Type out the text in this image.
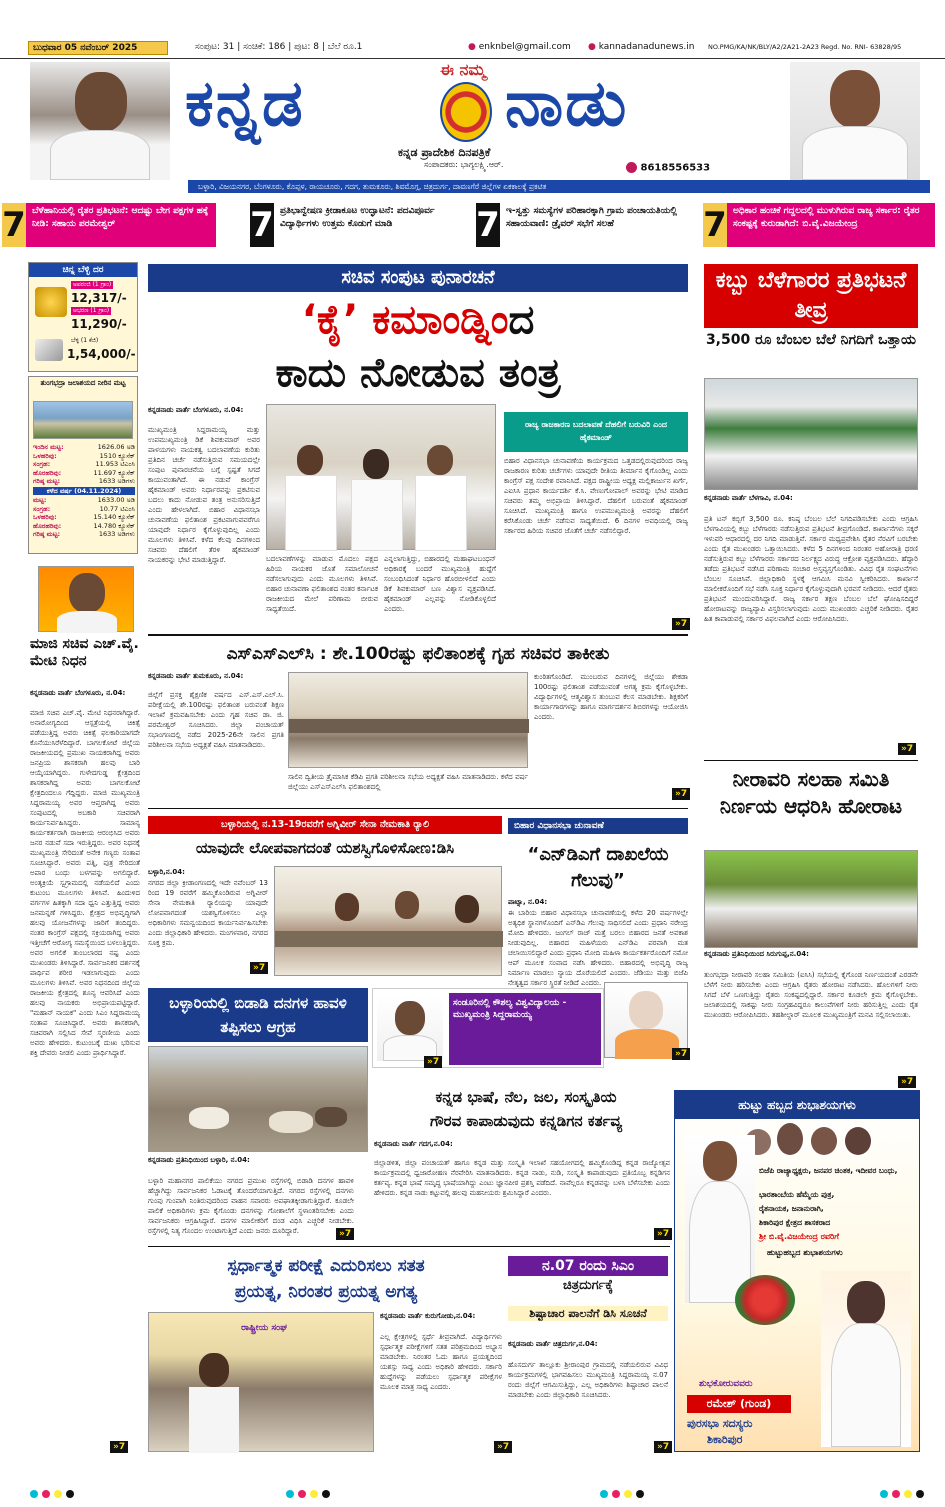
ಬುಧವಾರ 05 ನವೆಂಬರ್ 2025	ಸಂಪುಟ: 31 | ಸಂಚಿಕೆ: 186 | ಪುಟ: 8 | ಬೆಲೆ ರೂ.1	● enknbel@gmail.com ● kannadanadunews.in NO.PMG/KA/NK/BLY/A2/2A21-2A23 Regd. No. RNI- 63828/95
ಈ ನಮ್ಮ
ಕನ್ನಡ	ನಾಡು
ಕನ್ನಡ ಪ್ರಾದೇಶಿಕ ದಿನಪತ್ರಿಕೆ
ಸಂಪಾದಕರು: ಭಾಗ್ಯಲಕ್ಷ್ಮಿ.ಆರ್.	8618556533
ಬಳ್ಳಾರಿ, ವಿಜಯನಗರ, ಬೆಂಗಳೂರು, ಕೊಪ್ಪಳ, ರಾಯಚೂರು, ಗದಗ, ತುಮಕೂರು, ಶಿವಮೊಗ್ಗ, ಚಿತ್ರದುರ್ಗ, ದಾವಣಗೆರೆ ಜಿಲ್ಲೆಗಳ ಏಕಕಾಲಕ್ಕೆ ಪ್ರಕಟಿತ
7 ಬೆಳೆಹಾನಿಯಲ್ಲಿ ರೈತರ ಪ್ರತಿಭಟನೆ: ಆದಷ್ಟು ಬೇಗ ಪಕ್ಷಗಳ ಹಕ್ಕೆ ನೀಡಿ: ಸಹಾಯ ಪರಮೇಶ್ವರ್	7 ಪ್ರತಿಭಾನ್ವೇಷಣ ಕ್ರೀಡಾಕೂಟ ಉದ್ಘಾಟನೆ: ಪದವಿಪೂರ್ವ ವಿದ್ಯಾರ್ಥಿಗಳು ಉತ್ತಮ ಕೊಡುಗೆ ಮಾಡಿ	7 ಇ-ಸ್ವತ್ತು ಸಮಸ್ಯೆಗಳ ಪರಿಹಾರಕ್ಕಾಗಿ ಗ್ರಾಮ ಪಂಚಾಯತಿಯಲ್ಲಿ ಸಹಾಯವಾಣಿ: ಡ್ರೈವರ್ ಸಭೆಗೆ ಸಲಹೆ	7 ಅಧಿಕಾರ ಹಂಚಿಕೆ ಗದ್ದಲದಲ್ಲಿ ಮುಳುಗಿರುವ ರಾಜ್ಯ ಸರ್ಕಾರ: ರೈತರ ಸಂಕಷ್ಟಕ್ಕೆ ಕುರುಡಾಗಿದೆ: ಬಿ.ವೈ.ವಿಜಯೇಂದ್ರ
ಚಿನ್ನ ಬೆಳ್ಳಿ ದರ
ಅಪರಂಜಿ (1 ಗ್ರಾಂ)
12,317/-
ಆಭರಣ (1 ಗ್ರಾಂ)
11,290/-
ಬೆಳ್ಳಿ (1 ಕೆಜಿ)
1,54,000/-
ತುಂಗಭದ್ರಾ ಜಲಾಶಯದ ನೀರಿನ ಮಟ್ಟ
ಇಂದಿನ ಮಟ್ಟ:	1626.06 ಅಡಿ
ಒಳಹರಿವು:	1510 ಕ್ಯೂಸೆಕ್
ಸಂಗ್ರಹ:	11.953 ಟಿಎಂಸಿ
ಹೊರಹರಿವು:	11.697 ಕ್ಯೂಸೆಕ್
ಗರಿಷ್ಠ ಮಟ್ಟ:	1633 ಅಡಿಗಳು
ಕಳೆದ ವರ್ಷ (04.11.2024)
ಮಟ್ಟ:	1633.00 ಅಡಿ
ಸಂಗ್ರಹ:	10.77 ಟಿಎಂಸಿ
ಒಳಹರಿವು:	15.140 ಕ್ಯೂಸೆಕ್
ಹೊರಹರಿವು:	14.780 ಕ್ಯೂಸೆಕ್
ಗರಿಷ್ಠ ಮಟ್ಟ:	1633 ಅಡಿಗಳು
ಮಾಜಿ ಸಚಿವ ಎಚ್.ವೈ. ಮೇಟಿ ನಿಧನ
ಕನ್ನಡನಾಡು ವಾರ್ತೆ ಬೆಂಗಳೂರು, ನ.04:
ಮಾಜಿ ಸಚಿವ ಎಚ್.ವೈ. ಮೇಟಿ ನಿಧನರಾಗಿದ್ದಾರೆ. ಅನಾರೋಗ್ಯದಿಂದ ಆಸ್ಪತ್ರೆಯಲ್ಲಿ ಚಿಕಿತ್ಸೆ ಪಡೆಯುತ್ತಿದ್ದ ಅವರು ಚಿಕಿತ್ಸೆ ಫಲಕಾರಿಯಾಗದೇ ಕೊನೆಯುಸಿರೆಳೆದಿದ್ದಾರೆ. ಬಾಗಲಕೋಟೆ ಜಿಲ್ಲೆಯ ರಾಜಕೀಯದಲ್ಲಿ ಪ್ರಮುಖ ನಾಯಕರಾಗಿದ್ದ ಅವರು ಜನಪ್ರಿಯ ಶಾಸಕರಾಗಿ ಹಲವು ಬಾರಿ ಆಯ್ಕೆಯಾಗಿದ್ದರು. ಗುಳೇದಗುಡ್ಡ ಕ್ಷೇತ್ರದಿಂದ ಶಾಸಕರಾಗಿದ್ದ ಅವರು ಬಾಗಲಕೋಟೆ ಕ್ಷೇತ್ರದಿಂದಲೂ ಗೆದ್ದಿದ್ದರು. ಮಾಜಿ ಮುಖ್ಯಮಂತ್ರಿ ಸಿದ್ದರಾಮಯ್ಯ ಅವರ ಆಪ್ತರಾಗಿದ್ದ ಅವರು ಸಂಪುಟದಲ್ಲಿ ಅಬಕಾರಿ ಸಚಿವರಾಗಿ ಕಾರ್ಯನಿರ್ವಹಿಸಿದ್ದರು. ಸಾಮಾನ್ಯ ಕಾರ್ಯಕರ್ತರಾಗಿ ರಾಜಕೀಯ ಆರಂಭಿಸಿದ ಅವರು ಜನರ ನಡುವೆ ಸದಾ ಇರುತ್ತಿದ್ದರು. ಅವರ ನಿಧನಕ್ಕೆ ಮುಖ್ಯಮಂತ್ರಿ ಸೇರಿದಂತೆ ಅನೇಕ ಗಣ್ಯರು ಸಂತಾಪ ಸೂಚಿಸಿದ್ದಾರೆ. ಅವರು ಪತ್ನಿ, ಪುತ್ರ ಸೇರಿದಂತೆ ಅಪಾರ ಬಂಧು ಬಳಗವನ್ನು ಅಗಲಿದ್ದಾರೆ. ಅಂತ್ಯಕ್ರಿಯೆ ಸ್ವಗ್ರಾಮದಲ್ಲಿ ನಡೆಯಲಿದೆ ಎಂದು ಕುಟುಂಬ ಮೂಲಗಳು ತಿಳಿಸಿವೆ. ಹಿಂದುಳಿದ ವರ್ಗಗಳ ಹಿತಕ್ಕಾಗಿ ಸದಾ ಧ್ವನಿ ಎತ್ತುತ್ತಿದ್ದ ಅವರು ಜನಮನ್ನಣೆ ಗಳಿಸಿದ್ದರು. ಕ್ಷೇತ್ರದ ಅಭಿವೃದ್ಧಿಗಾಗಿ ಹಲವು ಯೋಜನೆಗಳನ್ನು ಜಾರಿಗೆ ತಂದಿದ್ದರು. ನಂತರ ಕಾಂಗ್ರೆಸ್ ಪಕ್ಷದಲ್ಲಿ ಸಕ್ರಿಯರಾಗಿದ್ದ ಅವರು ಇತ್ತೀಚೆಗೆ ಆರೋಗ್ಯ ಸಮಸ್ಯೆಯಿಂದ ಬಳಲುತ್ತಿದ್ದರು. ಅವರ ಅಗಲಿಕೆ ತುಂಬಲಾರದ ನಷ್ಟ ಎಂದು ಮುಖಂಡರು ತಿಳಿಸಿದ್ದಾರೆ. ಸಾರ್ವಜನಿಕರ ದರ್ಶನಕ್ಕೆ ಪಾರ್ಥಿವ ಶರೀರ ಇಡಲಾಗುವುದು ಎಂದು ಮೂಲಗಳು ತಿಳಿಸಿವೆ. ಅವರ ನಿಧನದಿಂದ ಜಿಲ್ಲೆಯ ರಾಜಕೀಯ ಕ್ಷೇತ್ರದಲ್ಲಿ ಶೂನ್ಯ ಆವರಿಸಿದೆ ಎಂದು ಹಲವು ನಾಯಕರು ಅಭಿಪ್ರಾಯಪಟ್ಟಿದ್ದಾರೆ. "ಮಹಾನ್ ನಾಯಕ" ಎಂದು ಸಿಎಂ ಸಿದ್ದರಾಮಯ್ಯ ಸಂತಾಪ ಸೂಚಿಸಿದ್ದಾರೆ. ಅವರು ಶಾಸಕರಾಗಿ, ಸಚಿವರಾಗಿ ಸಲ್ಲಿಸಿದ ಸೇವೆ ಸ್ಮರಣೀಯ ಎಂದು ಅವರು ಹೇಳಿದರು. ಕುಟುಂಬಕ್ಕೆ ದುಃಖ ಭರಿಸುವ ಶಕ್ತಿ ದೇವರು ನೀಡಲಿ ಎಂದು ಪ್ರಾರ್ಥಿಸಿದ್ದಾರೆ.
»7
ಸಚಿವ ಸಂಪುಟ ಪುನಾರಚನೆ
‘ಕೈ’ ಕಮಾಂಡ್ನಿಂದ
ಕಾದು ನೋಡುವ ತಂತ್ರ
ಕನ್ನಡನಾಡು ವಾರ್ತೆ ಬೆಂಗಳೂರು, ನ.04:
ಮುಖ್ಯಮಂತ್ರಿ ಸಿದ್ದರಾಮಯ್ಯ ಮತ್ತು ಉಪಮುಖ್ಯಮಂತ್ರಿ ಡಿಕೆ ಶಿವಕುಮಾರ್ ಅವರ ಪಾಳಯಗಳು ನಾಯಕತ್ವ ಬದಲಾವಣೆಯ ಕುರಿತು ಪ್ರತಿದಿನ ಚರ್ಚೆ ನಡೆಸುತ್ತಿರುವ ಸಮಯದಲ್ಲೇ ಸಂಪುಟ ಪುನಾರಚನೆಯ ಬಗ್ಗೆ ಸ್ಪಷ್ಟತೆ ಸಿಗದೆ ಕಾಯುವಂತಾಗಿದೆ. ಈ ನಡುವೆ ಕಾಂಗ್ರೆಸ್ ಹೈಕಮಾಂಡ್ ಅವರು ನಿರ್ಧಾರವನ್ನು ಪ್ರಕಟಿಸುವ ಬದಲು ಕಾದು ನೋಡುವ ತಂತ್ರ ಅನುಸರಿಸುತ್ತಿದೆ ಎಂದು ಹೇಳಲಾಗಿದೆ. ಬಿಹಾರ ವಿಧಾನಸಭಾ ಚುನಾವಣೆಯ ಫಲಿತಾಂಶ ಪ್ರಕಟವಾಗುವವರೆಗೂ ಯಾವುದೇ ನಿರ್ಧಾರ ಕೈಗೊಳ್ಳುವುದಿಲ್ಲ ಎಂದು ಮೂಲಗಳು ತಿಳಿಸಿವೆ. ಕಳೆದ ಕೆಲವು ದಿನಗಳಿಂದ ಸಚಿವರು ದೆಹಲಿಗೆ ತೆರಳಿ ಹೈಕಮಾಂಡ್ ನಾಯಕರನ್ನು ಭೇಟಿ ಮಾಡುತ್ತಿದ್ದಾರೆ.	ಬದಲಾವಣೆಗಳನ್ನು ಮಾಡುವ ಮೊದಲು ಪಕ್ಷದ ಹಿರಿಯ ನಾಯಕರ ಜೊತೆ ಸಮಾಲೋಚನೆ ನಡೆಸಲಾಗುವುದು ಎಂದು ಮೂಲಗಳು ತಿಳಿಸಿವೆ. ಬಿಹಾರ ಚುನಾವಣಾ ಫಲಿತಾಂಶದ ನಂತರ ಕರ್ನಾಟಕ ರಾಜಕೀಯದ ಮೇಲೆ ಪರಿಣಾಮ ಬೀರುವ ಸಾಧ್ಯತೆಯಿದೆ.
ಎನ್ನಲಾಗುತ್ತಿದ್ದು, ಬಿಹಾರದಲ್ಲಿ ಮಹಾಘಟಬಂಧನ್ ಅಧಿಕಾರಕ್ಕೆ ಬಂದರೆ ಮುಖ್ಯಮಂತ್ರಿ ಹುದ್ದೆಗೆ ಸಂಬಂಧಿಸಿದಂತೆ ನಿರ್ಧಾರ ಹೊರಬೀಳಲಿದೆ ಎಂದು ಡಿಕೆ ಶಿವಕುಮಾರ್ ಬಣ ವಿಶ್ವಾಸ ವ್ಯಕ್ತಪಡಿಸಿದೆ. ಹೈಕಮಾಂಡ್ ಎಲ್ಲವನ್ನು ನೋಡಿಕೊಳ್ಳಲಿದೆ ಎಂದರು.
ರಾಜ್ಯ ರಾಜಕಾರಣ ಬದಲಾವಣೆ ದೆಹಲಿಗೆ ಬರುವಿರಿ ಎಂದ ಹೈಕಮಾಂಡ್
ಬಿಹಾರ ವಿಧಾನಸಭಾ ಚುನಾವಣೆಯ ಕಾರ್ಯಕ್ರಮದ ಒತ್ತಡದಲ್ಲಿರುವುದರಿಂದ ರಾಜ್ಯ ರಾಜಕಾರಣ ಕುರಿತು ಚರ್ಚೆಗಳು ಯಾವುದೇ ರೀತಿಯ ತೀರ್ಮಾನ ಕೈಗೊಂಡಿಲ್ಲ ಎಂದು ಕಾಂಗ್ರೆಸ್ ಪಕ್ಷ ಸಂದೇಶ ರವಾನಿಸಿದೆ. ಪಕ್ಷದ ರಾಷ್ಟ್ರೀಯ ಅಧ್ಯಕ್ಷ ಮಲ್ಲಿಕಾರ್ಜುನ ಖರ್ಗೆ, ಎಐಸಿಸಿ ಪ್ರಧಾನ ಕಾರ್ಯದರ್ಶಿ ಕೆ.ಸಿ. ವೇಣುಗೋಪಾಲ್ ಅವರನ್ನು ಭೇಟಿ ಮಾಡಿದ ಸಚಿವರು ತಮ್ಮ ಅಭಿಪ್ರಾಯ ತಿಳಿಸಿದ್ದಾರೆ. ದೆಹಲಿಗೆ ಬರುವಂತೆ ಹೈಕಮಾಂಡ್ ಸೂಚಿಸಿದೆ. ಮುಖ್ಯಮಂತ್ರಿ ಹಾಗೂ ಉಪಮುಖ್ಯಮಂತ್ರಿ ಅವರನ್ನು ದೆಹಲಿಗೆ ಕರೆಸಿಕೊಂಡು ಚರ್ಚೆ ನಡೆಸುವ ಸಾಧ್ಯತೆಯಿದೆ. 6 ದಿನಗಳ ಅವಧಿಯಲ್ಲಿ ರಾಜ್ಯ ಸರ್ಕಾರದ ಹಿರಿಯ ಸಚಿವರ ಜೊತೆಗೆ ಚರ್ಚೆ ನಡೆಸಲಿದ್ದಾರೆ.
»7
ಎಸ್‌ಎಸ್‌ಎಲ್‌ಸಿ : ಶೇ.100ರಷ್ಟು ಫಲಿತಾಂಶಕ್ಕೆ ಗೃಹ ಸಚಿವರ ತಾಕೀತು
ಕನ್ನಡನಾಡು ವಾರ್ತೆ ತುಮಕೂರು, ನ.04:
ಜಿಲ್ಲೆಗೆ ಪ್ರಸಕ್ತ ಶೈಕ್ಷಣಿಕ ವರ್ಷದ ಎಸ್.ಎಸ್.ಎಲ್.ಸಿ. ಪರೀಕ್ಷೆಯಲ್ಲಿ ಶೇ.100ರಷ್ಟು ಫಲಿತಾಂಶ ಬರುವಂತೆ ಶಿಕ್ಷಣ ಇಲಾಖೆ ಕ್ರಮವಹಿಸಬೇಕು ಎಂದು ಗೃಹ ಸಚಿವ ಡಾ. ಜಿ. ಪರಮೇಶ್ವರ್ ಸೂಚಿಸಿದರು. ಜಿಲ್ಲಾ ಪಂಚಾಯತ್ ಸಭಾಂಗಣದಲ್ಲಿ ನಡೆದ 2025-26ನೇ ಸಾಲಿನ ಪ್ರಗತಿ ಪರಿಶೀಲನಾ ಸಭೆಯ ಅಧ್ಯಕ್ಷತೆ ವಹಿಸಿ ಮಾತನಾಡಿದರು.
ಸಾಲಿನ ದ್ವಿತೀಯ ತ್ರೈಮಾಸಿಕ ಕೆಡಿಪಿ ಪ್ರಗತಿ ಪರಿಶೀಲನಾ ಸಭೆಯ ಅಧ್ಯಕ್ಷತೆ ವಹಿಸಿ ಮಾತನಾಡಿದರು. ಕಳೆದ ವರ್ಷ ಜಿಲ್ಲೆಯು ಎಸ್‌ಎಸ್‌ಎಲ್‌ಸಿ ಫಲಿತಾಂಶದಲ್ಲಿ
ಕುಂಠಿತಗೊಂಡಿದೆ. ಮುಂಬರುವ ದಿನಗಳಲ್ಲಿ ಜಿಲ್ಲೆಯು ಶೇಕಡಾ 100ರಷ್ಟು ಫಲಿತಾಂಶ ಪಡೆಯುವಂತೆ ಅಗತ್ಯ ಕ್ರಮ ಕೈಗೊಳ್ಳಬೇಕು. ವಿದ್ಯಾರ್ಥಿಗಳಲ್ಲಿ ಆತ್ಮವಿಶ್ವಾಸ ತುಂಬುವ ಕೆಲಸ ಮಾಡಬೇಕು. ಶಿಕ್ಷಕರಿಗೆ ಕಾರ್ಯಾಗಾರಗಳನ್ನು ಹಾಗೂ ಮಾರ್ಗದರ್ಶನ ಶಿಬಿರಗಳನ್ನು ಆಯೋಜಿಸಿ ಎಂದರು.
»7
ಬಳ್ಳಾರಿಯಲ್ಲಿ ನ.13-19ರವರೆಗೆ ಅಗ್ನಿವೀರ್ ಸೇನಾ ನೇಮಕಾತಿ ರ್‍ಯಾಲಿ
ಯಾವುದೇ ಲೋಪವಾಗದಂತೆ ಯಶಸ್ವಿಗೊಳಿಸೋಣ:ಡಿಸಿ
ಬಳ್ಳಾರಿ,ನ.04:
ನಗರದ ಜಿಲ್ಲಾ ಕ್ರೀಡಾಂಗಣದಲ್ಲಿ ಇದೇ ನವೆಂಬರ್ 13 ರಿಂದ 19 ರವರೆಗೆ ಹಮ್ಮಿಕೊಂಡಿರುವ ಅಗ್ನಿವೀರ್ ಸೇನಾ ನೇಮಕಾತಿ ರ್‍ಯಾಲಿಯನ್ನು ಯಾವುದೇ ಲೋಪವಾಗದಂತೆ ಯಶಸ್ವಿಗೊಳಿಸಲು ಎಲ್ಲಾ ಅಧಿಕಾರಿಗಳು ಸಮನ್ವಯದಿಂದ ಕಾರ್ಯನಿರ್ವಹಿಸಬೇಕು ಎಂದು ಜಿಲ್ಲಾಧಿಕಾರಿ ಹೇಳಿದರು. ಮಂಗಳವಾರ, ನಗರದ ಸೂಕ್ತ ಕ್ರಮ.
»7
ಬಿಹಾರ ವಿಧಾನಸಭಾ ಚುನಾವಣೆ
“ಎನ್‌ಡಿಎಗೆ ದಾಖಲೆಯ ಗೆಲುವು”
ಪಾಟ್ನಾ, ನ.04:
ಈ ಬಾರಿಯ ಬಿಹಾರ ವಿಧಾನಸಭಾ ಚುನಾವಣೆಯಲ್ಲಿ ಕಳೆದ 20 ವರ್ಷಗಳಲ್ಲೇ ಅತ್ಯಧಿಕ ಸ್ಥಾನಗಳೊಂದಿಗೆ ಎನ್‌ಡಿಎ ಗೆಲುವು ಸಾಧಿಸಲಿದೆ ಎಂದು ಪ್ರಧಾನಿ ನರೇಂದ್ರ ಮೋದಿ ಹೇಳಿದರು. ಜಂಗಲ್ ರಾಜ್ ಮತ್ತೆ ಬರಲು ಬಿಹಾರದ ಜನತೆ ಅವಕಾಶ ನೀಡುವುದಿಲ್ಲ. ಬಿಹಾರದ ಮಹಿಳೆಯರು ಎನ್‌ಡಿಎ ಪರವಾಗಿ ಮತ ಚಲಾಯಿಸಲಿದ್ದಾರೆ ಎಂದು ಪ್ರಧಾನಿ ಮೋದಿ ಮಹಿಳಾ ಕಾರ್ಯಕರ್ತರೊಂದಿಗೆ ನಮೋ ಆಪ್ ಮೂಲಕ ಸಂವಾದ ನಡೆಸಿ ಹೇಳಿದರು. ಬಿಹಾರದಲ್ಲಿ ಅಭಿವೃದ್ಧಿ ರಾಜ್ಯ ನಿರ್ಮಾಣ ಮಾಡಲು ನ್ಯಾಯ ದೊರೆಯಲಿದೆ ಎಂದರು. ಜೆಡಿಯು ಮತ್ತು ಬಿಜೆಪಿ ನೇತೃತ್ವದ ಸರ್ಕಾರ ಸ್ಥಿರತೆ ನೀಡಿದೆ ಎಂದರು.
»7
ಬಳ್ಳಾರಿಯಲ್ಲಿ ಬಿಡಾಡಿ ದನಗಳ ಹಾವಳಿ ತಪ್ಪಿಸಲು ಆಗ್ರಹ
ಕನ್ನಡನಾಡು ಪ್ರತಿನಿಧಿಯಿಂದ ಬಳ್ಳಾರಿ, ನ.04:
ಬಳ್ಳಾರಿ ಮಹಾನಗರ ಪಾಲಿಕೆಯು ನಗರದ ಪ್ರಮುಖ ರಸ್ತೆಗಳಲ್ಲಿ ಬಿಡಾಡಿ ದನಗಳ ಹಾವಳಿ ಹೆಚ್ಚಾಗಿದ್ದು ಸಾರ್ವಜನಿಕರ ಓಡಾಟಕ್ಕೆ ತೊಂದರೆಯಾಗುತ್ತಿದೆ. ನಗರದ ರಸ್ತೆಗಳಲ್ಲಿ ದನಗಳು ಗುಂಪು ಗುಂಪಾಗಿ ನಿಂತಿರುವುದರಿಂದ ವಾಹನ ಸವಾರರು ಅಪಘಾತಕ್ಕೀಡಾಗುತ್ತಿದ್ದಾರೆ. ಕೂಡಲೇ ಪಾಲಿಕೆ ಅಧಿಕಾರಿಗಳು ಕ್ರಮ ಕೈಗೊಂಡು ದನಗಳನ್ನು ಗೋಶಾಲೆಗೆ ಸ್ಥಳಾಂತರಿಸಬೇಕು ಎಂದು ಸಾರ್ವಜನಿಕರು ಆಗ್ರಹಿಸಿದ್ದಾರೆ. ದನಗಳ ಮಾಲೀಕರಿಗೆ ದಂಡ ವಿಧಿಸಿ ಎಚ್ಚರಿಕೆ ನೀಡಬೇಕು. ರಸ್ತೆಗಳಲ್ಲಿ ನಿತ್ಯ ಗೊಂದಲ ಉಂಟಾಗುತ್ತಿದೆ ಎಂದು ಜನರು ದೂರಿದ್ದಾರೆ.	»7
ಸಂಡೂರಿನಲ್ಲಿ ಕೌಶಲ್ಯ ವಿಶ್ವವಿದ್ಯಾಲಯ - ಮುಖ್ಯಮಂತ್ರಿ ಸಿದ್ದರಾಮಯ್ಯ
»7
ಕನ್ನಡ ಭಾಷೆ, ನೆಲ, ಜಲ, ಸಂಸ್ಕೃತಿಯ
ಗೌರವ ಕಾಪಾಡುವುದು ಕನ್ನಡಿಗನ ಕರ್ತವ್ಯ
ಕನ್ನಡನಾಡು ವಾರ್ತೆ ಗದಗ,ನ.04:
ಜಿಲ್ಲಾಡಳಿತ, ಜಿಲ್ಲಾ ಪಂಚಾಯತ್ ಹಾಗೂ ಕನ್ನಡ ಮತ್ತು ಸಂಸ್ಕೃತಿ ಇಲಾಖೆ ಸಹಯೋಗದಲ್ಲಿ ಹಮ್ಮಿಕೊಂಡಿದ್ದ ಕನ್ನಡ ರಾಜ್ಯೋತ್ಸವ ಕಾರ್ಯಕ್ರಮದಲ್ಲಿ ಧ್ವಜಾರೋಹಣ ನೆರವೇರಿಸಿ ಮಾತನಾಡಿದರು. ಕನ್ನಡ ನಾಡು, ನುಡಿ, ಸಂಸ್ಕೃತಿ ಕಾಪಾಡುವುದು ಪ್ರತಿಯೊಬ್ಬ ಕನ್ನಡಿಗನ ಕರ್ತವ್ಯ. ಕನ್ನಡ ಭಾಷೆ ಸಮೃದ್ಧ ಭಾಷೆಯಾಗಿದ್ದು ಎಂಟು ಜ್ಞಾನಪೀಠ ಪ್ರಶಸ್ತಿ ಪಡೆದಿದೆ. ನಾವೆಲ್ಲರೂ ಕನ್ನಡವನ್ನು ಬಳಸಿ ಬೆಳೆಸಬೇಕು ಎಂದು ಹೇಳಿದರು. ಕನ್ನಡ ನಾಡು ಕಟ್ಟುವಲ್ಲಿ ಹಲವು ಮಹನೀಯರು ಶ್ರಮಿಸಿದ್ದಾರೆ ಎಂದರು.
»7
ಸ್ಪರ್ಧಾತ್ಮಕ ಪರೀಕ್ಷೆ ಎದುರಿಸಲು ಸತತ
ಪ್ರಯತ್ನ, ನಿರಂತರ ಪ್ರಯತ್ನ ಅಗತ್ಯ
ರಾಷ್ಟ್ರೀಯ ಸಂಘ
ಕನ್ನಡನಾಡು ವಾರ್ತೆ ಕುರುಗೋಡು,ನ.04:
ಎಲ್ಲ ಕ್ಷೇತ್ರಗಳಲ್ಲಿ ಸ್ಪರ್ಧೆ ತೀವ್ರವಾಗಿದೆ. ವಿದ್ಯಾರ್ಥಿಗಳು ಸ್ಪರ್ಧಾತ್ಮಕ ಪರೀಕ್ಷೆಗಳಿಗೆ ಸತತ ಪರಿಶ್ರಮದಿಂದ ಅಭ್ಯಾಸ ಮಾಡಬೇಕು. ನಿರಂತರ ಓದು ಹಾಗೂ ಪ್ರಯತ್ನದಿಂದ ಯಶಸ್ಸು ಸಾಧ್ಯ ಎಂದು ಅಧಿಕಾರಿ ಹೇಳಿದರು. ಸರ್ಕಾರಿ ಹುದ್ದೆಗಳನ್ನು ಪಡೆಯಲು ಸ್ಪರ್ಧಾತ್ಮಕ ಪರೀಕ್ಷೆಗಳ ಮೂಲಕ ಮಾತ್ರ ಸಾಧ್ಯ ಎಂದರು.
»7
ನ.07 ರಂದು ಸಿಎಂ
ಚಿತ್ರದುರ್ಗಕ್ಕೆ
ಶಿಷ್ಟಾಚಾರ ಪಾಲನೆಗೆ ಡಿಸಿ ಸೂಚನೆ
ಕನ್ನಡನಾಡು ವಾರ್ತೆ ಚಿತ್ರದುರ್ಗ,ನ.04:
ಹೊಸದುರ್ಗ ತಾಲ್ಲೂಕು ಶ್ರೀರಾಂಪುರ ಗ್ರಾಮದಲ್ಲಿ ನಡೆಯಲಿರುವ ವಿವಿಧ ಕಾರ್ಯಕ್ರಮಗಳಲ್ಲಿ ಭಾಗವಹಿಸಲು ಮುಖ್ಯಮಂತ್ರಿ ಸಿದ್ದರಾಮಯ್ಯ ನ.07 ರಂದು ಜಿಲ್ಲೆಗೆ ಆಗಮಿಸುತ್ತಿದ್ದು, ಎಲ್ಲ ಅಧಿಕಾರಿಗಳು ಶಿಷ್ಟಾಚಾರ ಪಾಲನೆ ಮಾಡಬೇಕು ಎಂದು ಜಿಲ್ಲಾಧಿಕಾರಿ ಸೂಚಿಸಿದರು.
»7
ಕಬ್ಬು ಬೆಳೆಗಾರರ ಪ್ರತಿಭಟನೆ ತೀವ್ರ
3,500 ರೂ ಬೆಂಬಲ ಬೆಲೆ ನಿಗದಿಗೆ ಒತ್ತಾಯ
ಕನ್ನಡನಾಡು ವಾರ್ತೆ ಬೆಳಗಾವಿ, ನ.04:
ಪ್ರತಿ ಟನ್ ಕಬ್ಬಿಗೆ 3,500 ರೂ. ಕನಿಷ್ಠ ಬೆಂಬಲ ಬೆಲೆ ನಿಗದಿಪಡಿಸಬೇಕು ಎಂದು ಆಗ್ರಹಿಸಿ ಬೆಳಗಾವಿಯಲ್ಲಿ ಕಬ್ಬು ಬೆಳೆಗಾರರು ನಡೆಸುತ್ತಿರುವ ಪ್ರತಿಭಟನೆ ತೀವ್ರಗೊಂಡಿದೆ. ಕಾರ್ಖಾನೆಗಳು ಸಕ್ಕರೆ ಇಳುವರಿ ಆಧಾರದಲ್ಲಿ ದರ ನಿಗದಿ ಮಾಡುತ್ತಿವೆ. ಸರ್ಕಾರ ಮಧ್ಯಪ್ರವೇಶಿಸಿ ರೈತರ ನೆರವಿಗೆ ಬರಬೇಕು ಎಂದು ರೈತ ಮುಖಂಡರು ಒತ್ತಾಯಿಸಿದರು. ಕಳೆದ 5 ದಿನಗಳಿಂದ ನಿರಂತರ ಅಹೋರಾತ್ರಿ ಧರಣಿ ನಡೆಸುತ್ತಿರುವ ಕಬ್ಬು ಬೆಳೆಗಾರರು ಸರ್ಕಾರದ ನಿರ್ಲಕ್ಷ್ಯದ ವಿರುದ್ಧ ಆಕ್ರೋಶ ವ್ಯಕ್ತಪಡಿಸಿದರು. ಹೆದ್ದಾರಿ ತಡೆದು ಪ್ರತಿಭಟನೆ ನಡೆಸಿದ ಪರಿಣಾಮ ಸಂಚಾರ ಅಸ್ತವ್ಯಸ್ತಗೊಂಡಿತು. ವಿವಿಧ ರೈತ ಸಂಘಟನೆಗಳು ಬೆಂಬಲ ಸೂಚಿಸಿವೆ. ಜಿಲ್ಲಾಧಿಕಾರಿ ಸ್ಥಳಕ್ಕೆ ಆಗಮಿಸಿ ಮನವಿ ಸ್ವೀಕರಿಸಿದರು. ಕಾರ್ಖಾನೆ ಮಾಲೀಕರೊಂದಿಗೆ ಸಭೆ ನಡೆಸಿ ಸೂಕ್ತ ನಿರ್ಧಾರ ಕೈಗೊಳ್ಳುವುದಾಗಿ ಭರವಸೆ ನೀಡಿದರು. ಆದರೆ ರೈತರು ಪ್ರತಿಭಟನೆ ಮುಂದುವರಿಸಿದ್ದಾರೆ. ರಾಜ್ಯ ಸರ್ಕಾರ ತಕ್ಷಣ ಬೆಂಬಲ ಬೆಲೆ ಘೋಷಿಸದಿದ್ದರೆ ಹೋರಾಟವನ್ನು ರಾಜ್ಯವ್ಯಾಪಿ ವಿಸ್ತರಿಸಲಾಗುವುದು ಎಂದು ಮುಖಂಡರು ಎಚ್ಚರಿಕೆ ನೀಡಿದರು. ರೈತರ ಹಿತ ಕಾಪಾಡುವಲ್ಲಿ ಸರ್ಕಾರ ವಿಫಲವಾಗಿದೆ ಎಂದು ಆರೋಪಿಸಿದರು.
»7
ನೀರಾವರಿ ಸಲಹಾ ಸಮಿತಿ ನಿರ್ಣಯ ಆಧರಿಸಿ ಹೋರಾಟ
ಕನ್ನಡನಾಡು ಪ್ರತಿನಿಧಿಯಿಂದ ಸಿರುಗುಪ್ಪ,ನ.04:
ತುಂಗಭದ್ರಾ ನೀರಾವರಿ ಸಲಹಾ ಸಮಿತಿಯ (ಐಸಿಸಿ) ಸಭೆಯಲ್ಲಿ ಕೈಗೊಂಡ ನಿರ್ಣಯದಂತೆ ಎರಡನೇ ಬೆಳೆಗೆ ನೀರು ಹರಿಸಬೇಕು ಎಂದು ಆಗ್ರಹಿಸಿ ರೈತರು ಹೋರಾಟ ನಡೆಸಿದರು. ಹೊಲಗಳಿಗೆ ನೀರು ಸಿಗದೆ ಬೆಳೆ ಒಣಗುತ್ತಿದ್ದು ರೈತರು ಸಂಕಷ್ಟದಲ್ಲಿದ್ದಾರೆ. ಸರ್ಕಾರ ಕೂಡಲೇ ಕ್ರಮ ಕೈಗೊಳ್ಳಬೇಕು. ಜಲಾಶಯದಲ್ಲಿ ಸಾಕಷ್ಟು ನೀರು ಸಂಗ್ರಹವಿದ್ದರೂ ಕಾಲುವೆಗಳಿಗೆ ನೀರು ಹರಿಸುತ್ತಿಲ್ಲ ಎಂದು ರೈತ ಮುಖಂಡರು ಆರೋಪಿಸಿದರು. ತಹಶೀಲ್ದಾರ್ ಮೂಲಕ ಮುಖ್ಯಮಂತ್ರಿಗೆ ಮನವಿ ಸಲ್ಲಿಸಲಾಯಿತು.
»7
ಹುಟ್ಟು ಹಬ್ಬದ ಶುಭಾಶಯಗಳು
ಬಿಜೆಪಿ ರಾಜ್ಯಾಧ್ಯಕ್ಷರು, ಜನಪರ ಚಿಂತಕ, ಇದೀವರ ಬಂಧು,
ಭಾರತಾಂಬೆಯ ಹೆಮ್ಮೆಯ ಪುತ್ರ,
ರೈತನಾಯಕ, ಜನಾನುರಾಗಿ,
ಶಿಕಾರಿಪುರ ಕ್ಷೇತ್ರದ ಶಾಸಕರಾದ
ಶ್ರೀ ಬಿ.ವೈ.ವಿಜಯೇಂದ್ರ ರವರಿಗೆ
ಹುಟ್ಟುಹಬ್ಬದ ಶುಭಾಶಯಗಳು
ಶುಭಕೋರುವವರು
ರಮೇಶ್ (ಗುಂಡ)
ಪುರಸಭಾ ಸದಸ್ಯರು
ಶಿಕಾರಿಪುರ
